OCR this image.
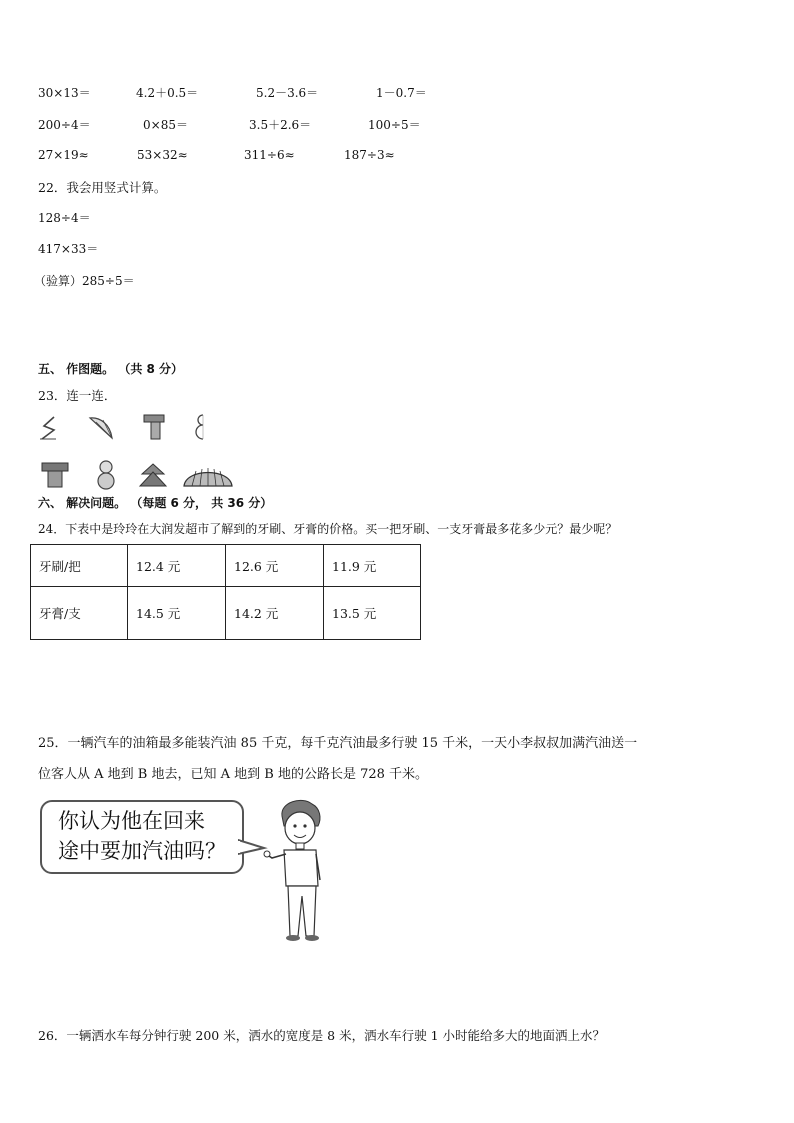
30×13＝	4.2＋0.5＝	5.2－3.6＝	1－0.7＝
200÷4＝	0×85＝	3.5＋2.6＝	100÷5＝
27×19≈	53×32≈	311÷6≈	187÷3≈
22．我会用竖式计算。
128÷4＝
417×33＝
（验算）285÷5＝
五、 作图题。 （共 8 分）
23．连一连．
六、 解决问题。 （每题 6 分， 共 36 分）
24．下表中是玲玲在大润发超市了解到的牙刷、牙膏的价格。买一把牙刷、一支牙膏最多花多少元？最少呢？
牙刷/把	12.4 元	12.6 元	11.9 元
牙膏/支	14.5 元	14.2 元	13.5 元
25．一辆汽车的油箱最多能装汽油 85 千克，每千克汽油最多行驶 15 千米，一天小李叔叔加满汽油送一
位客人从 A 地到 B 地去，已知 A 地到 B 地的公路长是 728 千米。
你认为他在回来
途中要加汽油吗？
26．一辆洒水车每分钟行驶 200 米，洒水的宽度是 8 米，洒水车行驶 1 小时能给多大的地面洒上水？
